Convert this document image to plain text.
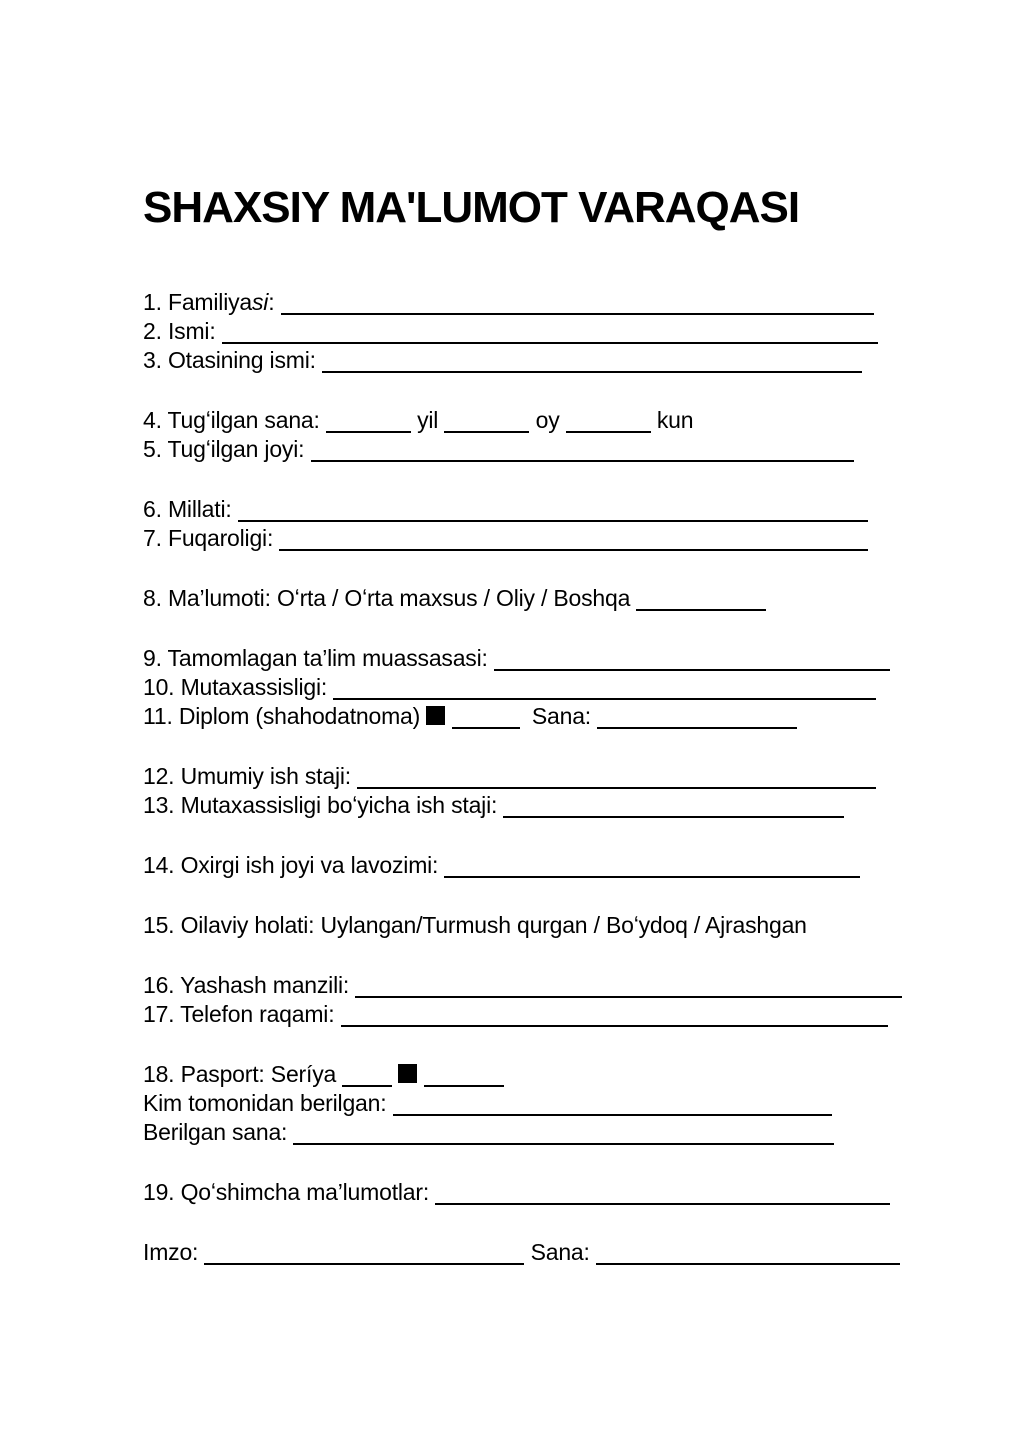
SHAXSIY MA'LUMOT VARAQASI
1. Familiya si :
2. Ismi:
3. Otasining ismi:
4. Tugʻilgan sana:	yil	oy	kun
5. Tugʻilgan joyi:
6. Millati:
7. Fuqaroligi:
8. Ma’lumoti: Oʻrta / Oʻrta maxsus / Oliy / Boshqa
9. Tamomlagan ta’lim muassasasi:
10. Mutaxassisligi:
11. Diplom (shahodatnoma)
	Sana:
12. Umumiy ish staji:
13. Mutaxassisligi boʻyicha ish staji:
14. Oxirgi ish joyi va lavozimi:
15. Oilaviy holati: Uylangan/Turmush qurgan / Boʻydoq / Ajrashgan
16. Yashash manzili:
17. Telefon raqami:
18. Pasport: Seríya

Kim tomonidan berilgan:
Berilgan sana:
19. Qoʻshimcha ma’lumotlar:
Imzo:	Sana:
